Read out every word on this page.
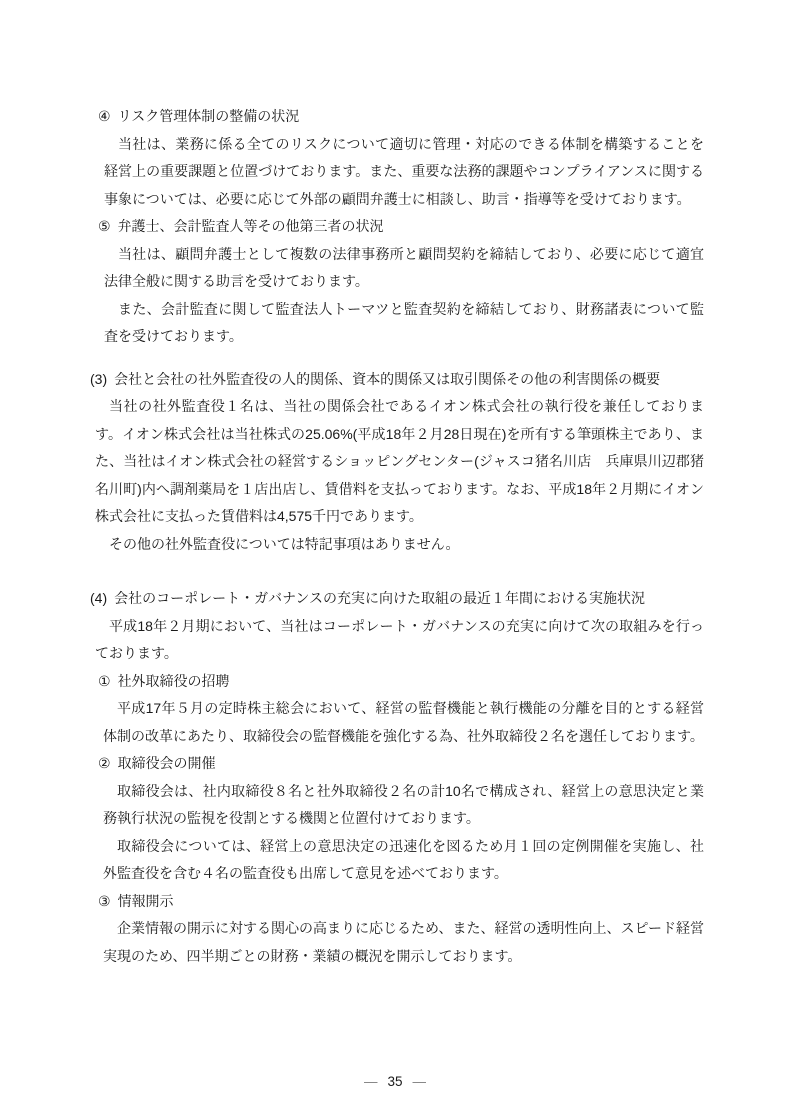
④ リスク管理体制の整備の状況

当社は、業務に係る全てのリスクについて適切に管理・対応のできる体制を構築することを経営上の重要課題と位置づけております。また、重要な法務的課題やコンプライアンスに関する事象については、必要に応じて外部の顧問弁護士に相談し、助言・指導等を受けております。

⑤ 弁護士、会計監査人等その他第三者の状況

当社は、顧問弁護士として複数の法律事務所と顧問契約を締結しており、必要に応じて適宜法律全般に関する助言を受けております。

また、会計監査に関して監査法人トーマツと監査契約を締結しており、財務諸表について監査を受けております。

(3) 会社と会社の社外監査役の人的関係、資本的関係又は取引関係その他の利害関係の概要

当社の社外監査役１名は、当社の関係会社であるイオン株式会社の執行役を兼任しております。イオン株式会社は当社株式の25.06%(平成18年２月28日現在)を所有する筆頭株主であり、また、当社はイオン株式会社の経営するショッピングセンター(ジャスコ猪名川店　兵庫県川辺郡猪名川町)内へ調剤薬局を１店出店し、賃借料を支払っております。なお、平成18年２月期にイオン株式会社に支払った賃借料は4,575千円であります。

その他の社外監査役については特記事項はありません。

(4) 会社のコーポレート・ガバナンスの充実に向けた取組の最近１年間における実施状況

平成18年２月期において、当社はコーポレート・ガバナンスの充実に向けて次の取組みを行っております。

① 社外取締役の招聘

平成17年５月の定時株主総会において、経営の監督機能と執行機能の分離を目的とする経営体制の改革にあたり、取締役会の監督機能を強化する為、社外取締役２名を選任しております。

② 取締役会の開催

取締役会は、社内取締役８名と社外取締役２名の計10名で構成され、経営上の意思決定と業務執行状況の監視を役割とする機関と位置付けております。

取締役会については、経営上の意思決定の迅速化を図るため月１回の定例開催を実施し、社外監査役を含む４名の監査役も出席して意見を述べております。

③ 情報開示

企業情報の開示に対する関心の高まりに応じるため、また、経営の透明性向上、スピード経営実現のため、四半期ごとの財務・業績の概況を開示しております。

― 35 ―
